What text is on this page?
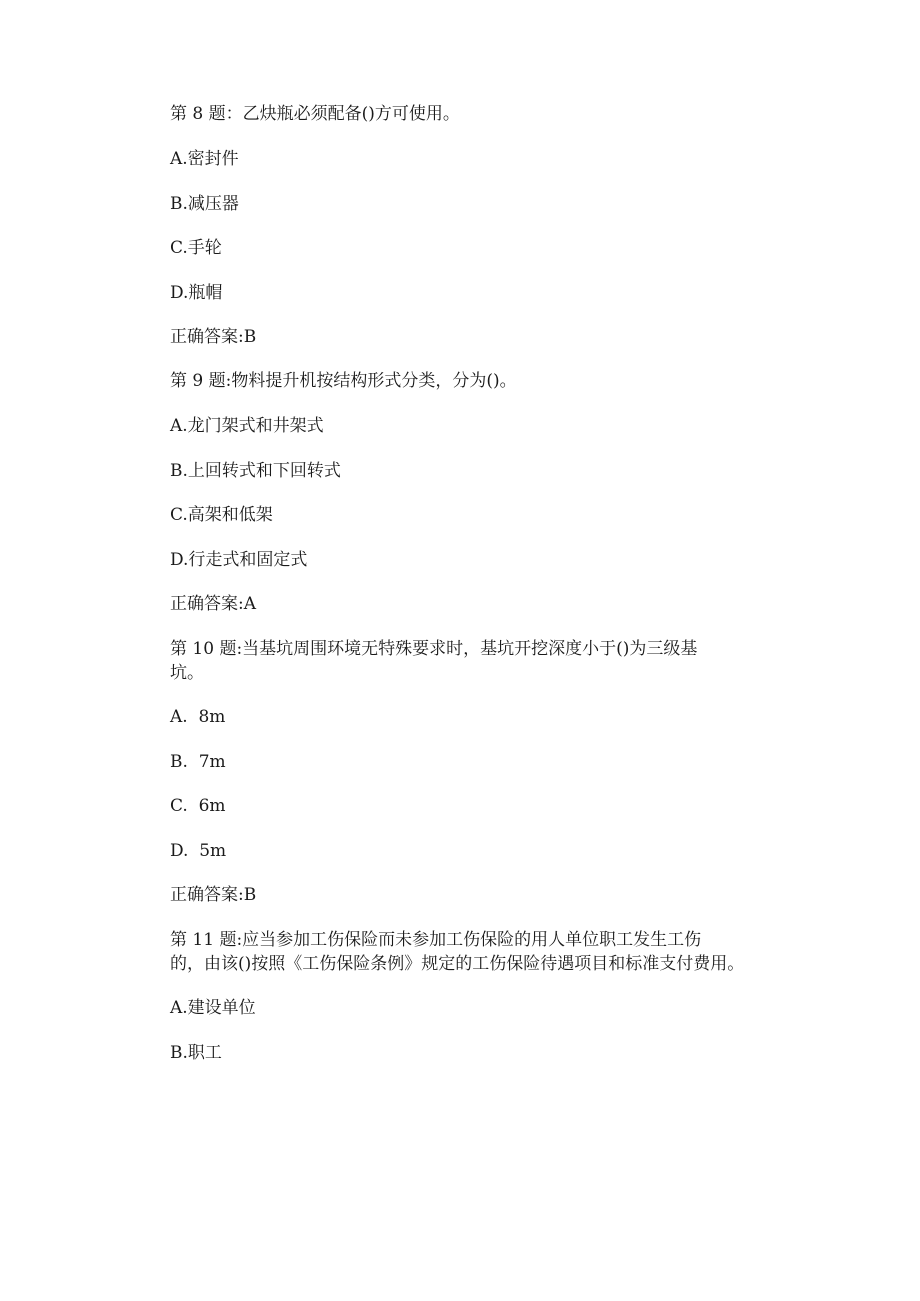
第 8 题：乙炔瓶必须配备()方可使用。

A.密封件

B.减压器

C.手轮

D.瓶帽

正确答案:B

第 9 题:物料提升机按结构形式分类，分为()。

A.龙门架式和井架式

B.上回转式和下回转式

C.高架和低架

D.行走式和固定式

正确答案:A

第 10 题:当基坑周围环境无特殊要求时，基坑开挖深度小于()为三级基

坑。

A.  8m

B.  7m

C.  6m

D.  5m

正确答案:B

第 11 题:应当参加工伤保险而未参加工伤保险的用人单位职工发生工伤

的，由该()按照《工伤保险条例》规定的工伤保险待遇项目和标准支付费用。

A.建设单位

B.职工
